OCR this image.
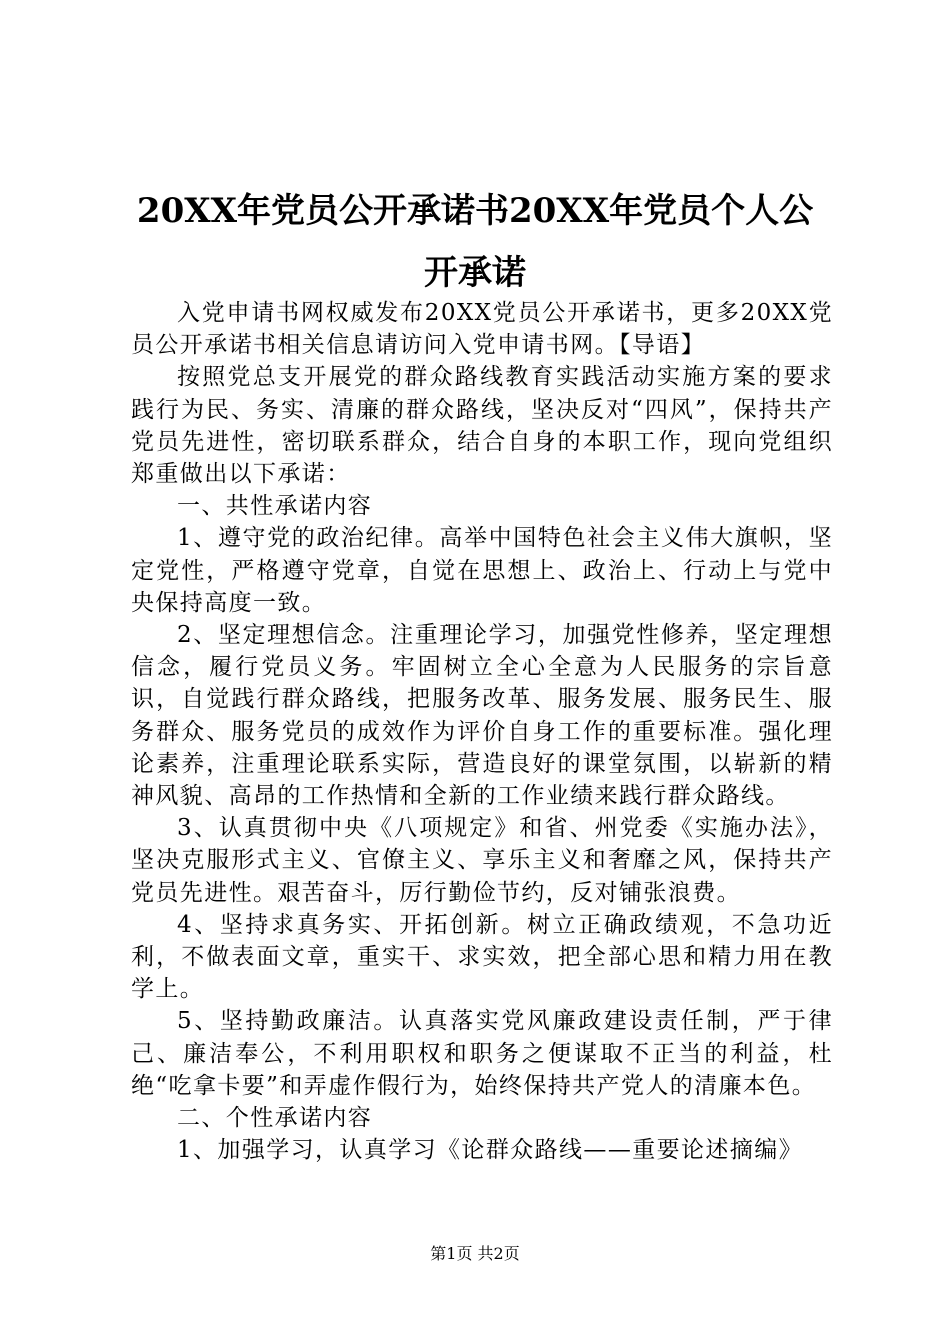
20XX年党员公开承诺书20XX年党员个人公开承诺

入党申请书网权威发布20XX党员公开承诺书，更多20XX党员公开承诺书相关信息请访问入党申请书网。【导语】

按照党总支开展党的群众路线教育实践活动实施方案的要求践行为民、务实、清廉的群众路线，坚决反对“四风”，保持共产党员先进性，密切联系群众，结合自身的本职工作，现向党组织郑重做出以下承诺：

一、共性承诺内容

1、遵守党的政治纪律。高举中国特色社会主义伟大旗帜，坚定党性，严格遵守党章，自觉在思想上、政治上、行动上与党中央保持高度一致。

2、坚定理想信念。注重理论学习，加强党性修养，坚定理想信念，履行党员义务。牢固树立全心全意为人民服务的宗旨意识，自觉践行群众路线，把服务改革、服务发展、服务民生、服务群众、服务党员的成效作为评价自身工作的重要标准。强化理论素养，注重理论联系实际，营造良好的课堂氛围，以崭新的精神风貌、高昂的工作热情和全新的工作业绩来践行群众路线。

3、认真贯彻中央《八项规定》和省、州党委《实施办法》，坚决克服形式主义、官僚主义、享乐主义和奢靡之风，保持共产党员先进性。艰苦奋斗，厉行勤俭节约，反对铺张浪费。

4、坚持求真务实、开拓创新。树立正确政绩观，不急功近利，不做表面文章，重实干、求实效，把全部心思和精力用在教学上。

5、坚持勤政廉洁。认真落实党风廉政建设责任制，严于律己、廉洁奉公，不利用职权和职务之便谋取不正当的利益，杜绝“吃拿卡要”和弄虚作假行为，始终保持共产党人的清廉本色。

二、个性承诺内容

1、加强学习，认真学习《论群众路线——重要论述摘编》

第1页 共2页
